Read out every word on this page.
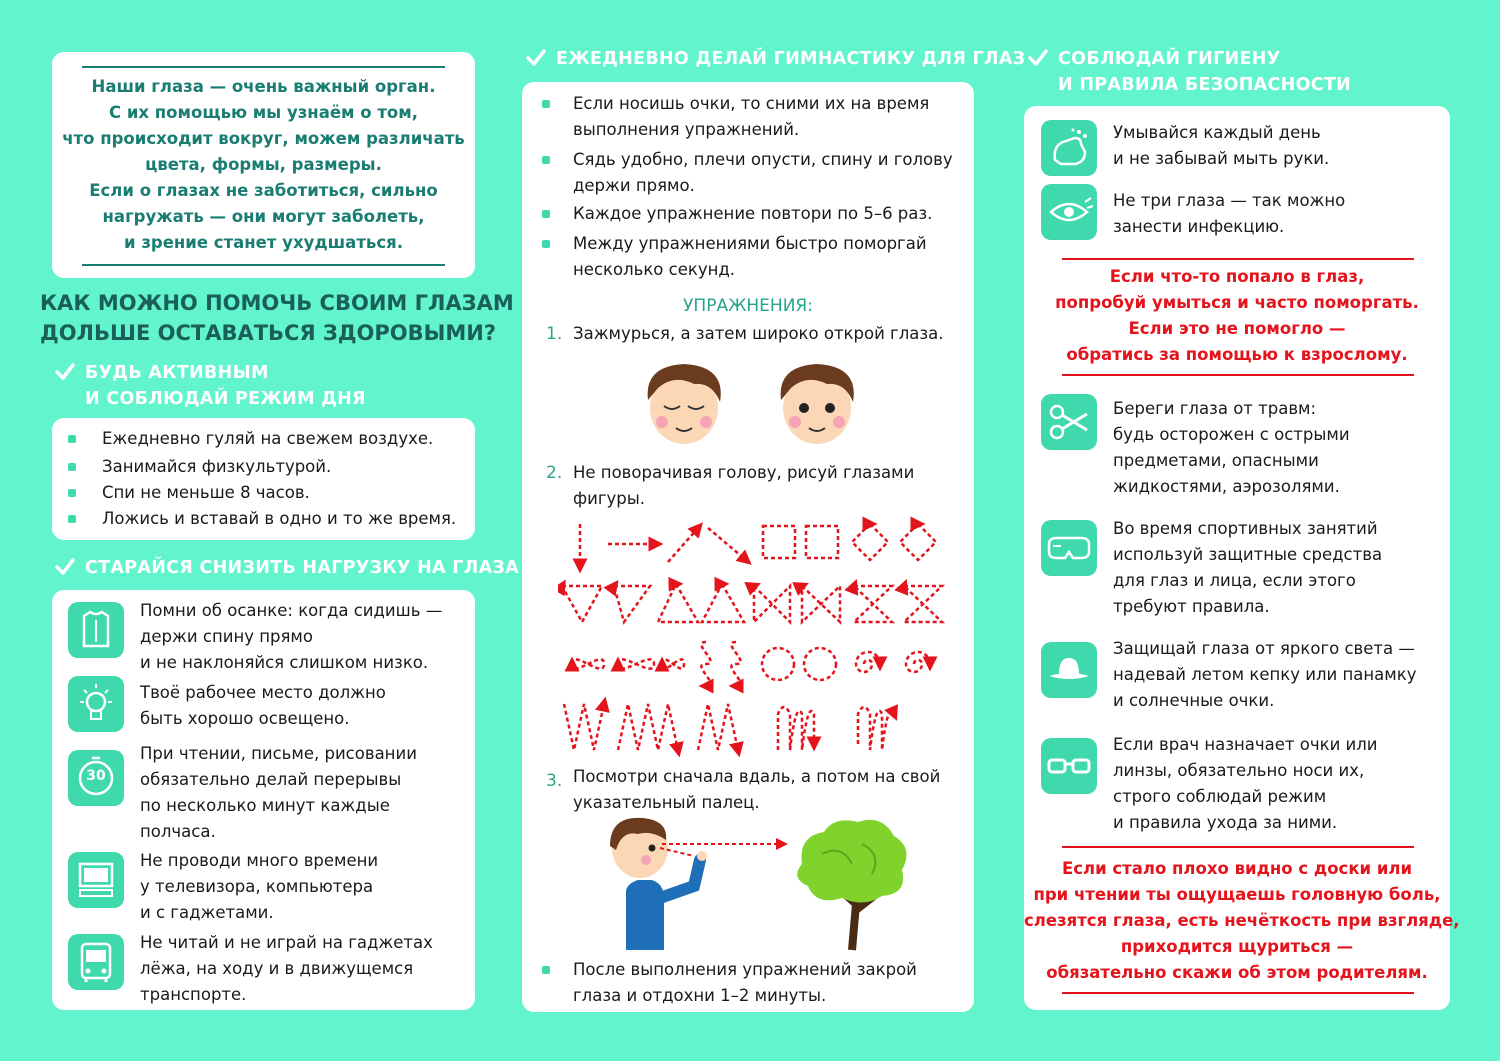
Наши глаза — очень важный орган.
С их помощью мы узнаём о том,
что происходит вокруг, можем различать
цвета, формы, размеры.
Если о глазах не заботиться, сильно
нагружать — они могут заболеть,
и зрение станет ухудшаться.
КАК МОЖНО ПОМОЧЬ СВОИМ ГЛАЗАМ
ДОЛЬШЕ ОСТАВАТЬСЯ ЗДОРОВЫМИ?
БУДЬ АКТИВНЫМ
И СОБЛЮДАЙ РЕЖИМ ДНЯ
Ежедневно гуляй на свежем воздухе.
Занимайся физкультурой.
Спи не меньше 8 часов.
Ложись и вставай в одно и то же время.
СТАРАЙСЯ СНИЗИТЬ НАГРУЗКУ НА ГЛАЗА
Помни об осанке: когда сидишь —
держи спину прямо
и не наклоняйся слишком низко.
Твоё рабочее место должно
быть хорошо освещено.
30
При чтении, письме, рисовании
обязательно делай перерывы
по несколько минут каждые
полчаса.
Не проводи много времени
у телевизора, компьютера
и с гаджетами.
Не читай и не играй на гаджетах
лёжа, на ходу и в движущемся
транспорте.
ЕЖЕДНЕВНО ДЕЛАЙ ГИМНАСТИКУ ДЛЯ ГЛАЗ
Если носишь очки, то сними их на время
выполнения упражнений.
Сядь удобно, плечи опусти, спину и голову
держи прямо.
Каждое упражнение повтори по 5–6 раз.
Между упражнениями быстро поморгай
несколько секунд.
УПРАЖНЕНИЯ:
1. Зажмурься, а затем широко открой глаза.
2. Не поворачивая голову, рисуй глазами
фигуры.
3. Посмотри сначала вдаль, а потом на свой
указательный палец.
После выполнения упражнений закрой
глаза и отдохни 1–2 минуты.
СОБЛЮДАЙ ГИГИЕНУ
И ПРАВИЛА БЕЗОПАСНОСТИ
Умывайся каждый день
и не забывай мыть руки.
Не три глаза — так можно
занести инфекцию.
Если что-то попало в глаз,
попробуй умыться и часто поморгать.
Если это не помогло —
обратись за помощью к взрослому.
Береги глаза от травм:
будь осторожен с острыми
предметами, опасными
жидкостями, аэрозолями.
Во время спортивных занятий
используй защитные средства
для глаз и лица, если этого
требуют правила.
Защищай глаза от яркого света —
надевай летом кепку или панамку
и солнечные очки.
Если врач назначает очки или
линзы, обязательно носи их,
строго соблюдай режим
и правила ухода за ними.
Если стало плохо видно с доски или
при чтении ты ощущаешь головную боль,
слезятся глаза, есть нечёткость при взгляде,
приходится щуриться —
обязательно скажи об этом родителям.
